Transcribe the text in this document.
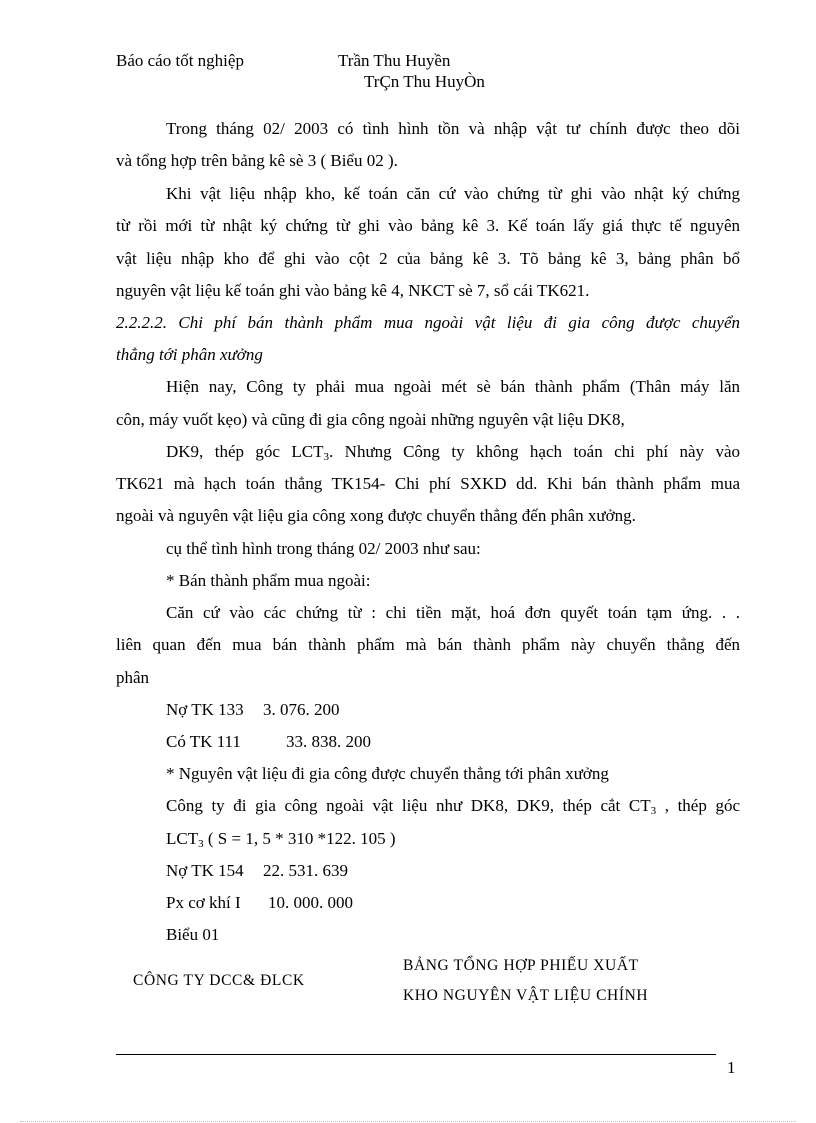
Báo cáo tốt nghiệp	Trần Thu Huyền
TrÇn Thu HuyÒn
Trong tháng 02/ 2003 có tình hình tồn và nhập vật tư chính được theo dõi
và tổng hợp trên bảng kê sè 3 ( Biểu 02 ).
Khi vật liệu nhập kho, kế toán căn cứ vào chứng từ ghi vào nhật ký chứng
từ rồi mới từ nhật ký chứng từ ghi vào bảng kê 3. Kế toán lấy giá thực tế nguyên
vật liệu nhập kho để ghi vào cột 2 của bảng kê 3. Tõ bảng kê 3, bảng phân bổ
nguyên vật liệu kế toán ghi vào bảng kê 4, NKCT sè 7, sổ cái TK621.
2.2.2.2. Chi phí bán thành phẩm mua ngoài vật liệu đi gia công được chuyển
thẳng tới phân xưởng
Hiện nay, Công ty phải mua ngoài mét sè bán thành phẩm (Thân máy lăn
côn, máy vuốt kẹo) và cũng đi gia công ngoài những nguyên vật liệu DK8,
DK9, thép góc $LCT_3$. Nhưng Công ty không hạch toán chi phí này vào
TK621 mà hạch toán thẳng TK154- Chi phí SXKD dd. Khi bán thành phẩm mua
ngoài và nguyên vật liệu gia công xong được chuyển thẳng đến phân xưởng.
cụ thể tình hình trong tháng 02/ 2003 như sau:
* Bán thành phẩm mua ngoài:
Căn cứ vào các chứng từ : chi tiền mặt, hoá đơn quyết toán tạm ứng. . .
liên quan đến mua bán thành phẩm mà bán thành phẩm này chuyển thẳng đến
phân
Nợ TK 133 3. 076. 200
Có TK 111	33. 838. 200
* Nguyên vật liệu đi gia công được chuyển thẳng tới phân xưởng
Công ty đi gia công ngoài vật liệu như DK8, DK9, thép cắt $CT_3$ , thép góc
$LCT_3$ ( S = 1, 5 * 310 *122. 105 )
Nợ TK 154 22. 531. 639
Px cơ khí I 10. 000. 000
Biểu 01
CÔNG TY DCC& ĐLCK
BẢNG TỔNG HỢP PHIẾU XUẤT
KHO NGUYÊN VẬT LIỆU CHÍNH
1
